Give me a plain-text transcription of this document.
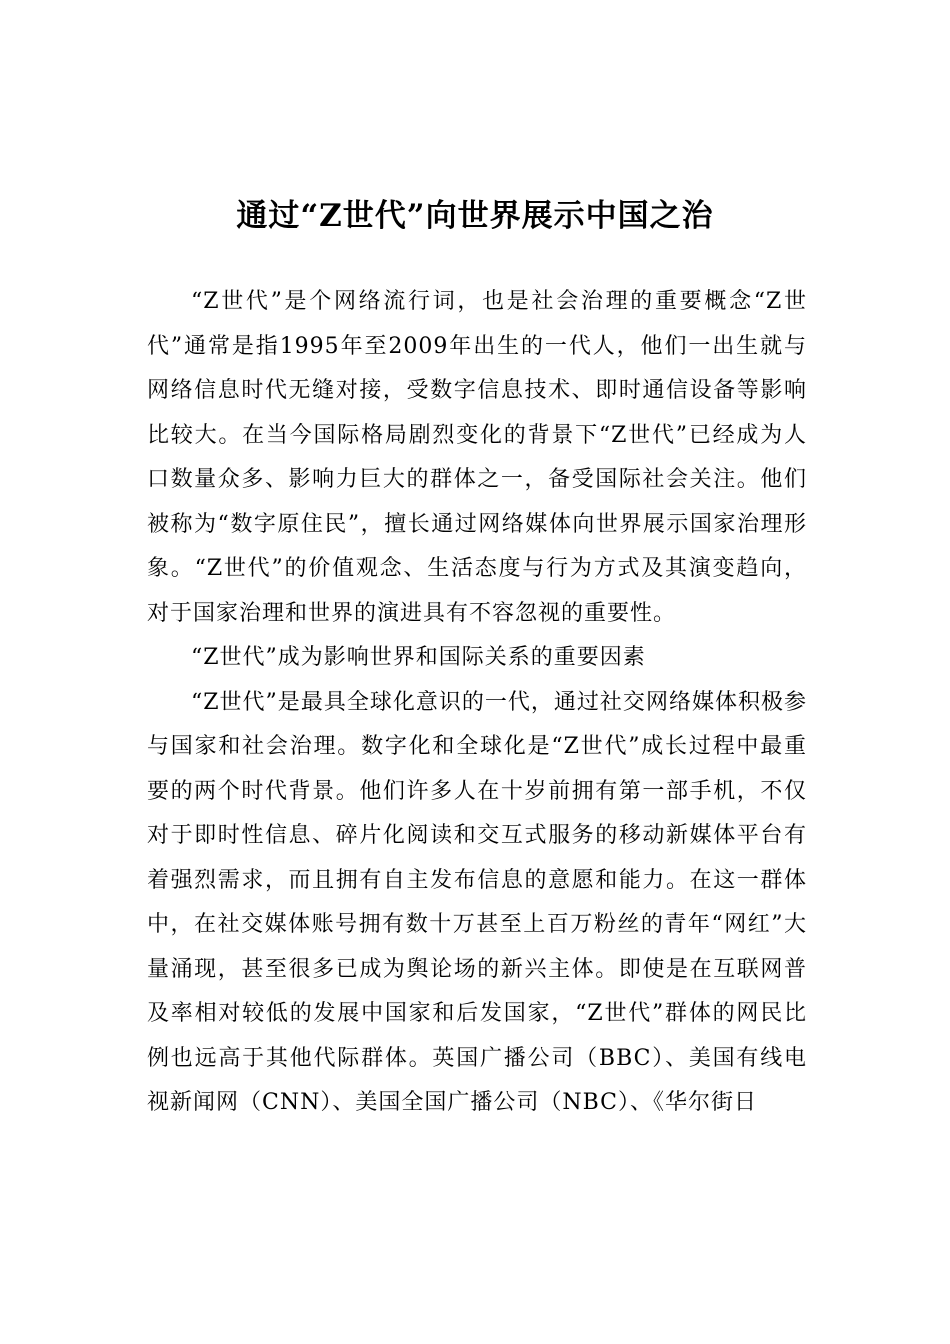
通过“Z世代”向世界展示中国之治

“Z世代”是个网络流行词，也是社会治理的重要概念“Z世代”通常是指1995年至2009年出生的一代人，他们一出生就与网络信息时代无缝对接，受数字信息技术、即时通信设备等影响比较大。在当今国际格局剧烈变化的背景下“Z世代”已经成为人口数量众多、影响力巨大的群体之一，备受国际社会关注。他们被称为“数字原住民”，擅长通过网络媒体向世界展示国家治理形象。“Z世代”的价值观念、生活态度与行为方式及其演变趋向，对于国家治理和世界的演进具有不容忽视的重要性。

“Z世代”成为影响世界和国际关系的重要因素

“Z世代”是最具全球化意识的一代，通过社交网络媒体积极参与国家和社会治理。数字化和全球化是“Z世代”成长过程中最重要的两个时代背景。他们许多人在十岁前拥有第一部手机，不仅对于即时性信息、碎片化阅读和交互式服务的移动新媒体平台有着强烈需求，而且拥有自主发布信息的意愿和能力。在这一群体中，在社交媒体账号拥有数十万甚至上百万粉丝的青年“网红”大量涌现，甚至很多已成为舆论场的新兴主体。即使是在互联网普及率相对较低的发展中国家和后发国家，“Z世代”群体的网民比例也远高于其他代际群体。英国广播公司（BBC）、美国有线电视新闻网（CNN）、美国全国广播公司（NBC）、《华尔街日
